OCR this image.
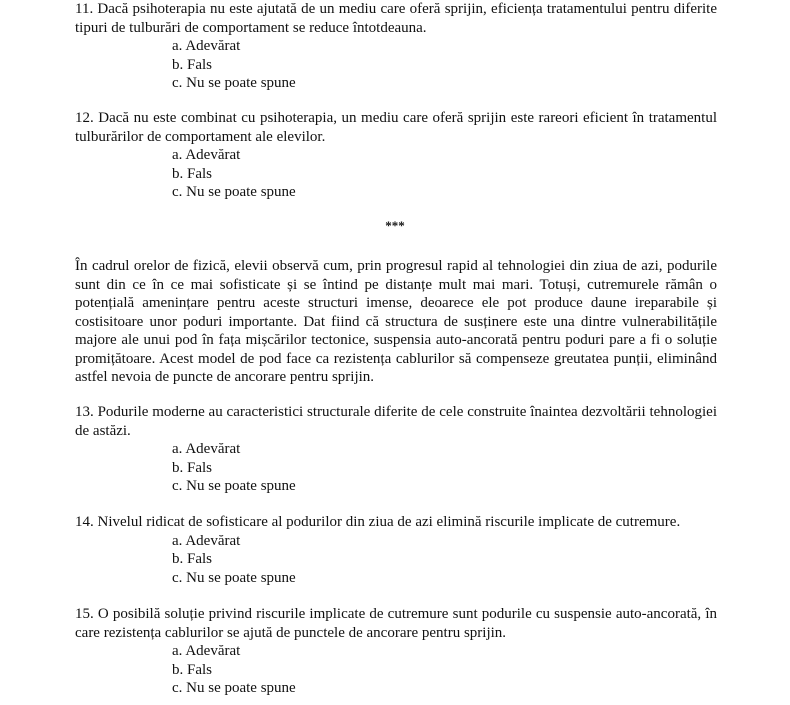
11. Dacă psihoterapia nu este ajutată de un mediu care oferă sprijin, eficiența tratamentului pentru diferite tipuri de tulburări de comportament se reduce întotdeauna.

a. Adevărat
b. Fals
c. Nu se poate spune

12. Dacă nu este combinat cu psihoterapia, un mediu care oferă sprijin este rareori eficient în tratamentul tulburărilor de comportament ale elevilor.

a. Adevărat
b. Fals
c. Nu se poate spune
***

În cadrul orelor de fizică, elevii observă cum, prin progresul rapid al tehnologiei din ziua de azi, podurile sunt din ce în ce mai sofisticate și se întind pe distanțe mult mai mari. Totuși, cutremurele rămân o potențială amenințare pentru aceste structuri imense, deoarece ele pot produce daune ireparabile și costisitoare unor poduri importante. Dat fiind că structura de susținere este una dintre vulnerabilitățile majore ale unui pod în fața mișcărilor tectonice, suspensia auto-ancorată pentru poduri pare a fi o soluție promițătoare. Acest model de pod face ca rezistența cablurilor să compenseze greutatea punții, eliminând astfel nevoia de puncte de ancorare pentru sprijin.

13. Podurile moderne au caracteristici structurale diferite de cele construite înaintea dezvoltării tehnologiei de astăzi.

a. Adevărat
b. Fals
c. Nu se poate spune

14. Nivelul ridicat de sofisticare al podurilor din ziua de azi elimină riscurile implicate de cutremure.

a. Adevărat
b. Fals
c. Nu se poate spune

15. O posibilă soluție privind riscurile implicate de cutremure sunt podurile cu suspensie auto-ancorată, în care rezistența cablurilor se ajută de punctele de ancorare pentru sprijin.

a. Adevărat
b. Fals
c. Nu se poate spune
